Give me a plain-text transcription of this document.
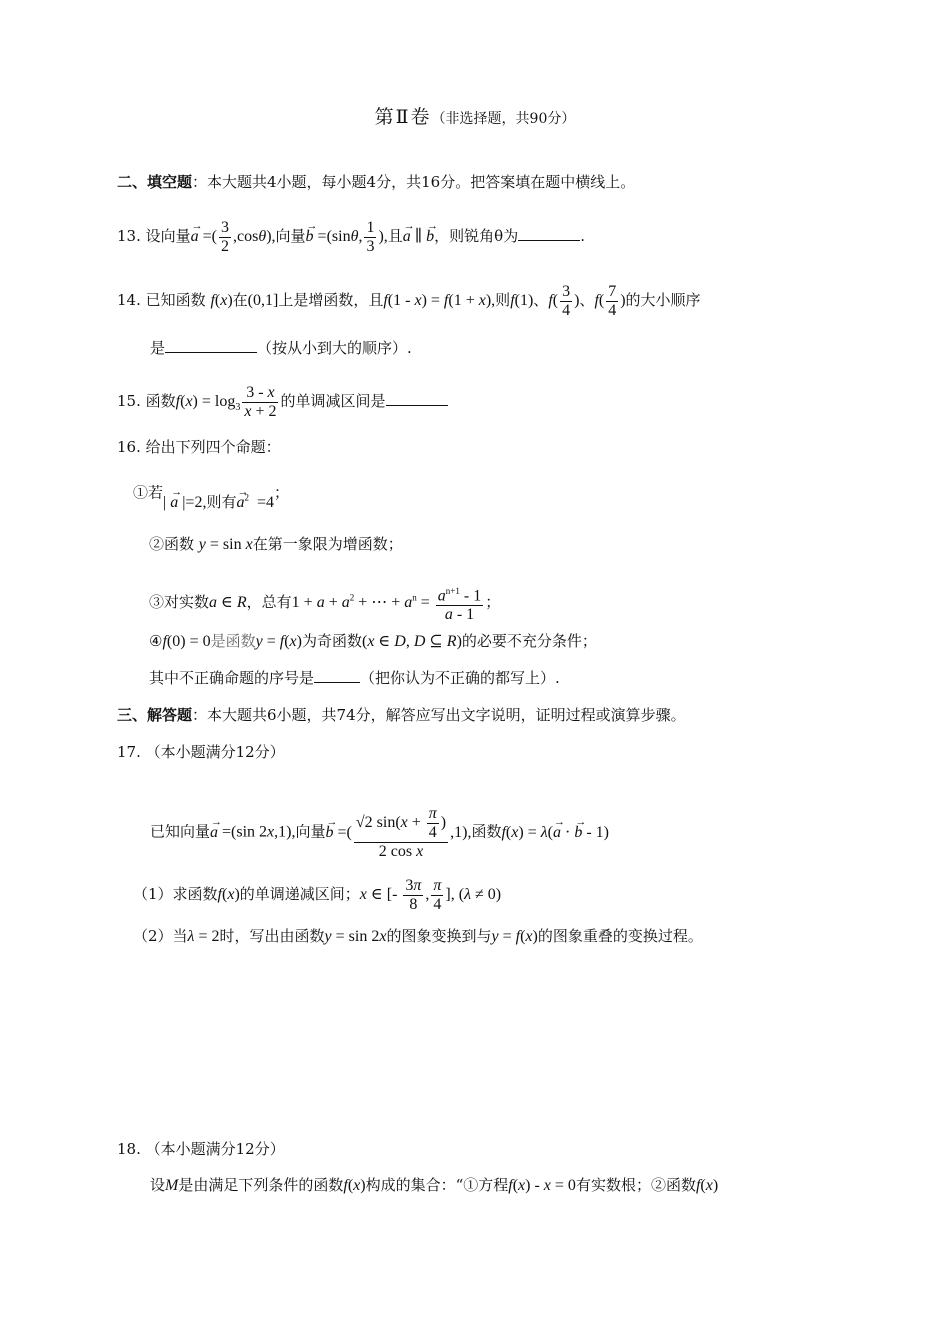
第Ⅱ卷（非选择题，共90分）
二、填空题：本大题共4小题，每小题4分，共16分。把答案填在题中横线上。
13. 设向量→ a =( $\frac{3}{2} ,\cos\theta$),向量→ b =(sinθ, $\frac{1}{3}$ ),且→ a ∥ → b，则锐角θ为	.
14. 已知函数 f(x)在(0,1]上是增函数，且f(1 - x) = f(1 + x),则f(1)、$f( \frac{3}{4}$ )、$f( \frac{7}{4}$ )的大小顺序
是	（按从小到大的顺序）.
15. 函数$f(x) = \log_3 \frac{3 - x}{x + 2}$ 的单调减区间是
16. 给出下列四个命题：
①若| → a |=2,则有→ $a^2 =4$；
②函数 y = sin x在第一象限为增函数；
③对实数a ∈ R，总有$1 + a + a^2$ + ⋯ + $a^n = \frac{a^{n+1} - 1}{a - 1}$ ；
④f(0) = 0是函数y = f(x)为奇函数(x ∈ D, D ⊆ R)的必要不充分条件；
其中不正确命题的序号是	（把你认为不正确的都写上）.
三、解答题：本大题共6小题，共74分，解答应写出文字说明，证明过程或演算步骤。
17. （本小题满分12分）
已知向量→ a =(sin 2x,1),向量→ b =( $\frac{√2 \sin(x + \frac{\pi}{4} )}{\text{2 cos x}} ,1$),函数f(x) = λ(→ a · → b - 1)
（1）求函数f(x)的单调递减区间；x ∈ [- $\frac{3\pi}{8}$ , $\frac{\pi}{4}$ ], (λ ≠ 0)
（2）当λ = 2时，写出由函数y = sin 2x的图象变换到与y = f(x)的图象重叠的变换过程。
18. （本小题满分12分）
设M是由满足下列条件的函数f(x)构成的集合：“①方程f(x) - x = 0有实数根；②函数f(x)
